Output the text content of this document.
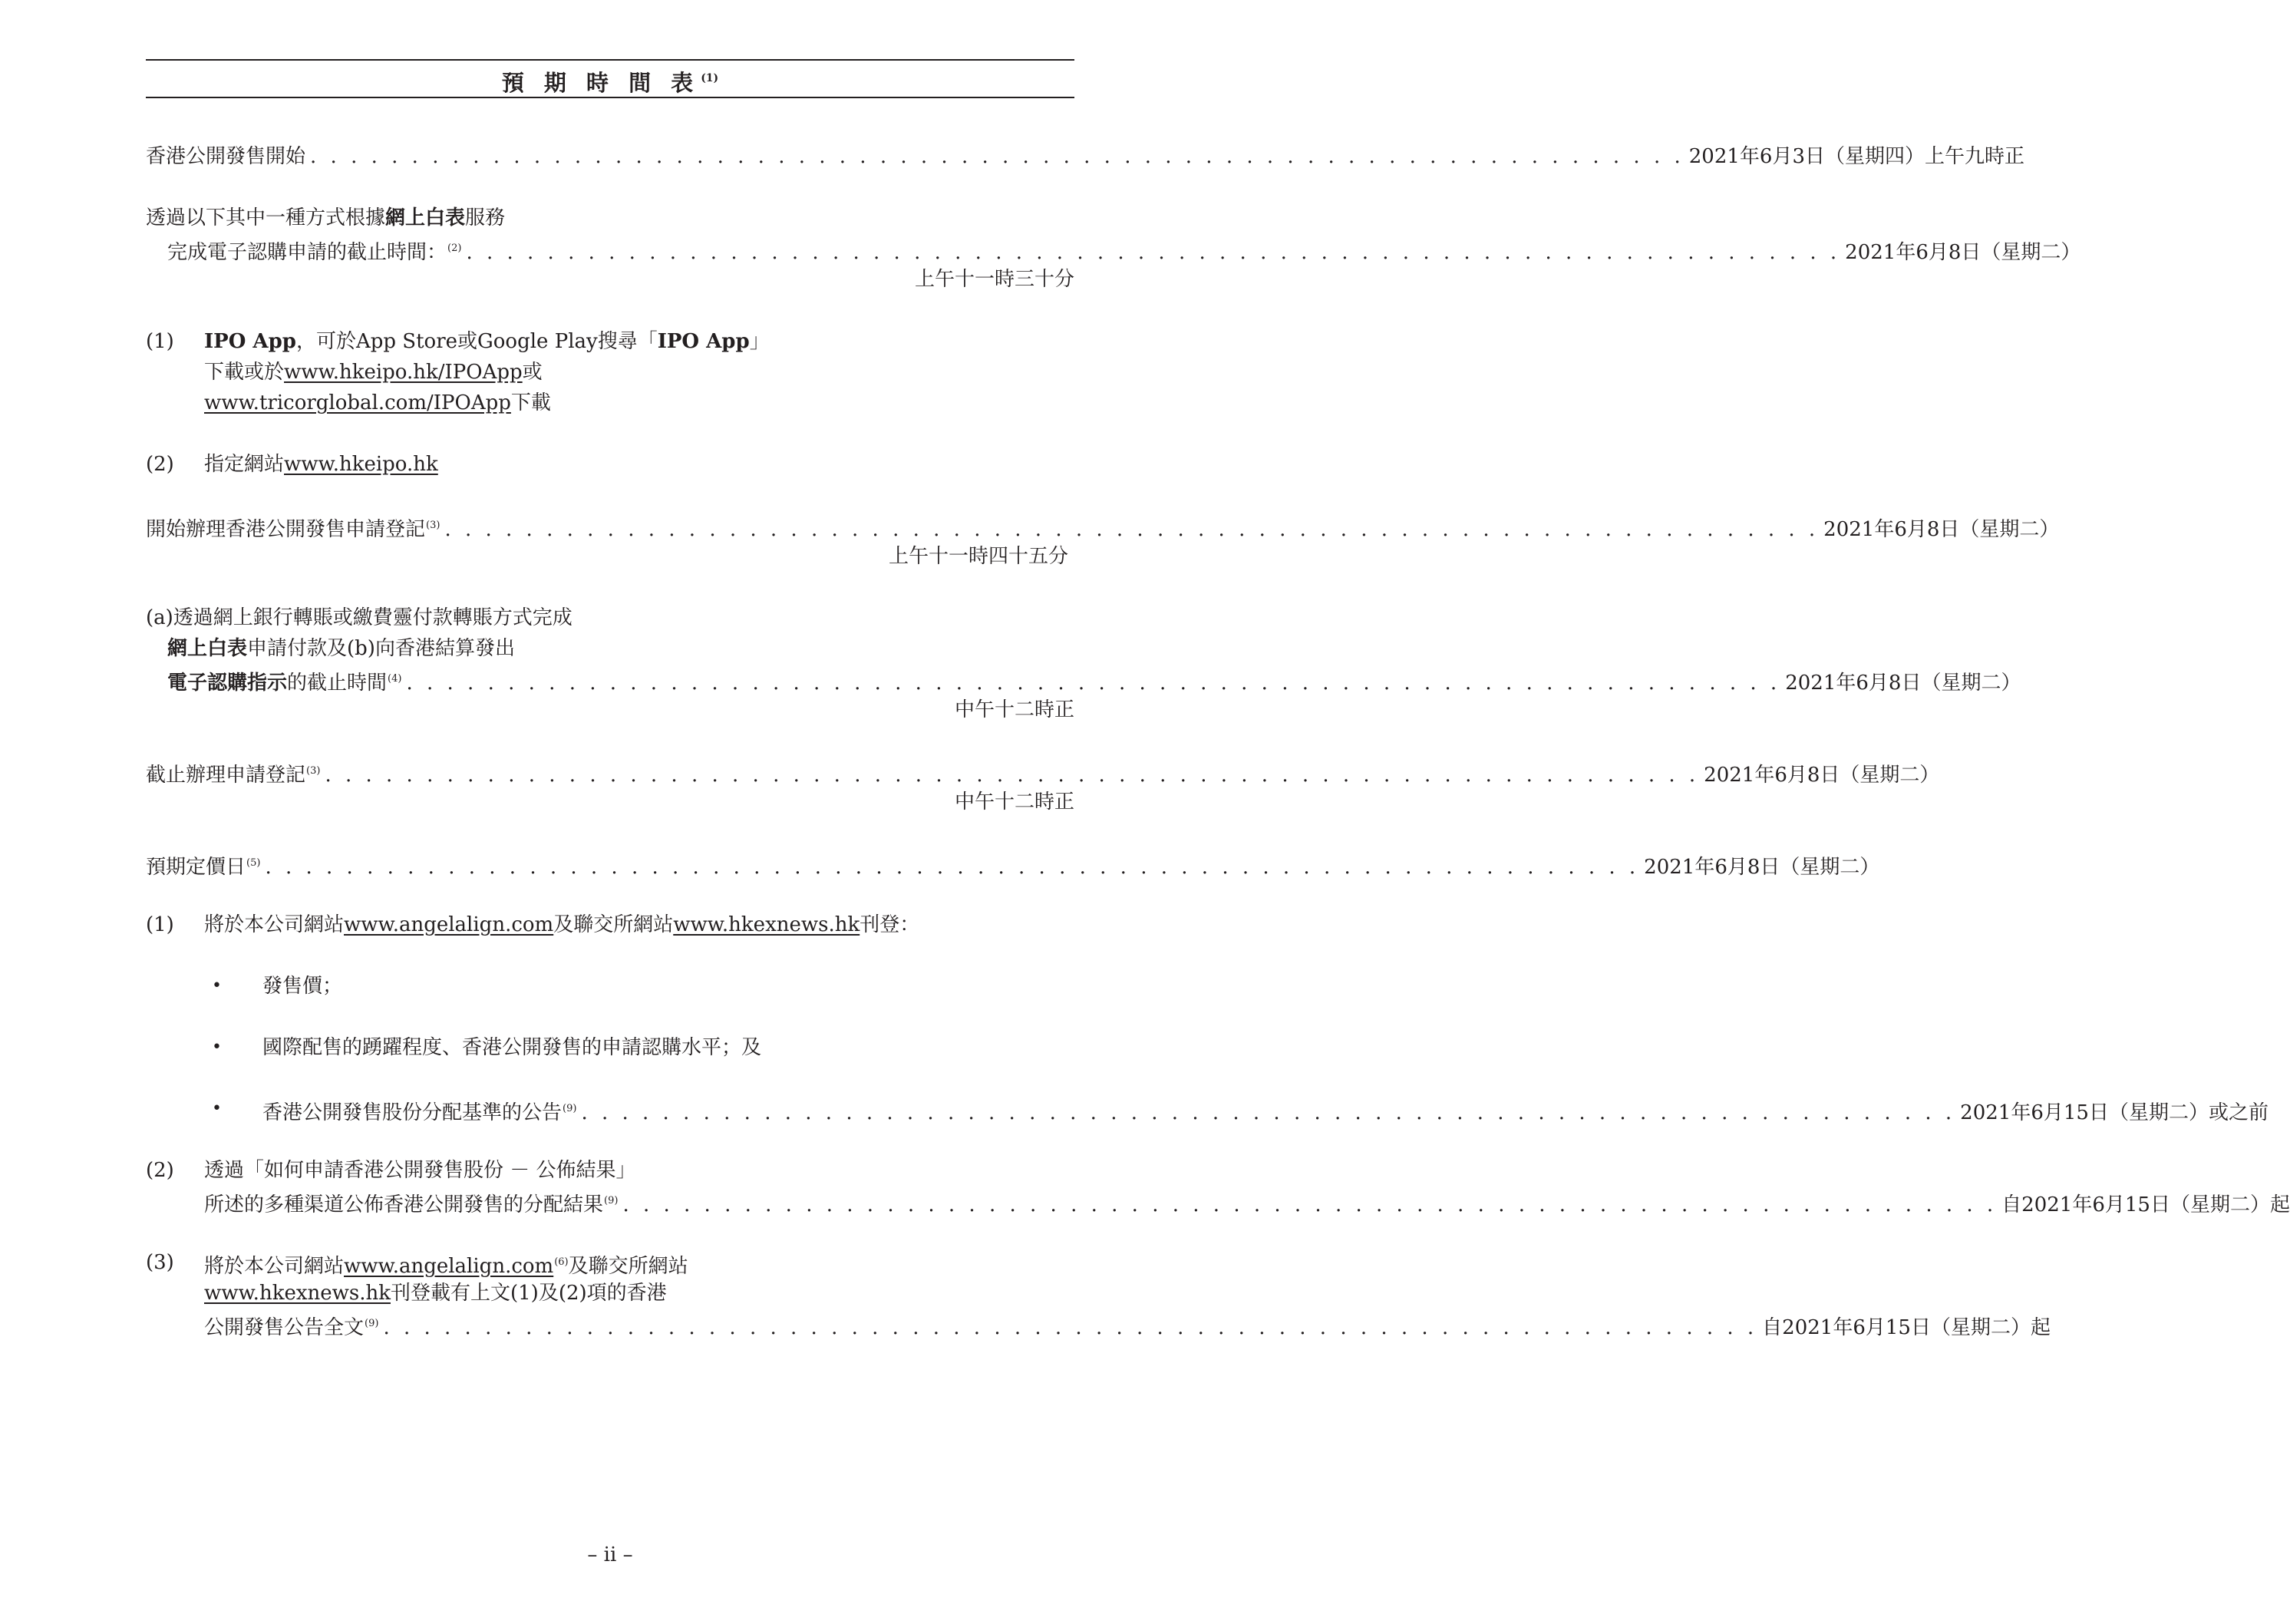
預 期 時 間 表 $^{(1)}$
香港公開發售開始 . . . . . . . . . . . . . . . . . . . . . . . . . . . . . . . . . . . . . . . . . . . . . . . . . . . . . . . . . . . . . . . . . . . . 2021年6月3日（星期四）上午九時正
透過以下其中一種方式根據網上白表服務
完成電子認購申請的截止時間：$^{(2)}$ . . . . . . . . . . . . . . . . . . . . . . . . . . . . . . . . . . . . . . . . . . . . . . . . . . . . . . . . . . . . . . . . . . . . 2021年6月8日（星期二）
上午十一時三十分
(1) IPO App，可於App Store或Google Play搜尋「IPO App」
下載或於www.hkeipo.hk/IPOApp或
www.tricorglobal.com/IPOApp下載
(2) 指定網站www.hkeipo.hk
開始辦理香港公開發售申請登記$^{(3)}$ . . . . . . . . . . . . . . . . . . . . . . . . . . . . . . . . . . . . . . . . . . . . . . . . . . . . . . . . . . . . . . . . . . . . 2021年6月8日（星期二）
上午十一時四十五分
(a)透過網上銀行轉賬或繳費靈付款轉賬方式完成
網上白表申請付款及(b)向香港結算發出
電子認購指示的截止時間$^{(4)}$ . . . . . . . . . . . . . . . . . . . . . . . . . . . . . . . . . . . . . . . . . . . . . . . . . . . . . . . . . . . . . . . . . . . . 2021年6月8日（星期二）
中午十二時正
截止辦理申請登記$^{(3)}$ . . . . . . . . . . . . . . . . . . . . . . . . . . . . . . . . . . . . . . . . . . . . . . . . . . . . . . . . . . . . . . . . . . . . 2021年6月8日（星期二）
中午十二時正
預期定價日$^{(5)}$ . . . . . . . . . . . . . . . . . . . . . . . . . . . . . . . . . . . . . . . . . . . . . . . . . . . . . . . . . . . . . . . . . . . . 2021年6月8日（星期二）
(1) 將於本公司網站www.angelalign.com及聯交所網站www.hkexnews.hk刊登：
• 發售價；
• 國際配售的踴躍程度、香港公開發售的申請認購水平；及
• 香港公開發售股份分配基準的公告$^{(9)}$ . . . . . . . . . . . . . . . . . . . . . . . . . . . . . . . . . . . . . . . . . . . . . . . . . . . . . . . . . . . . . . . . . . . . 2021年6月15日（星期二）或之前
(2) 透過「如何申請香港公開發售股份 － 公佈結果」
所述的多種渠道公佈香港公開發售的分配結果$^{(9)}$ . . . . . . . . . . . . . . . . . . . . . . . . . . . . . . . . . . . . . . . . . . . . . . . . . . . . . . . . . . . . . . . . . . . . 自2021年6月15日（星期二）起
(3) 將於本公司網站www.angelalign.com$^{(6)}$及聯交所網站
www.hkexnews.hk刊登載有上文(1)及(2)項的香港
公開發售公告全文$^{(9)}$ . . . . . . . . . . . . . . . . . . . . . . . . . . . . . . . . . . . . . . . . . . . . . . . . . . . . . . . . . . . . . . . . . . . . 自2021年6月15日（星期二）起
– ii –
